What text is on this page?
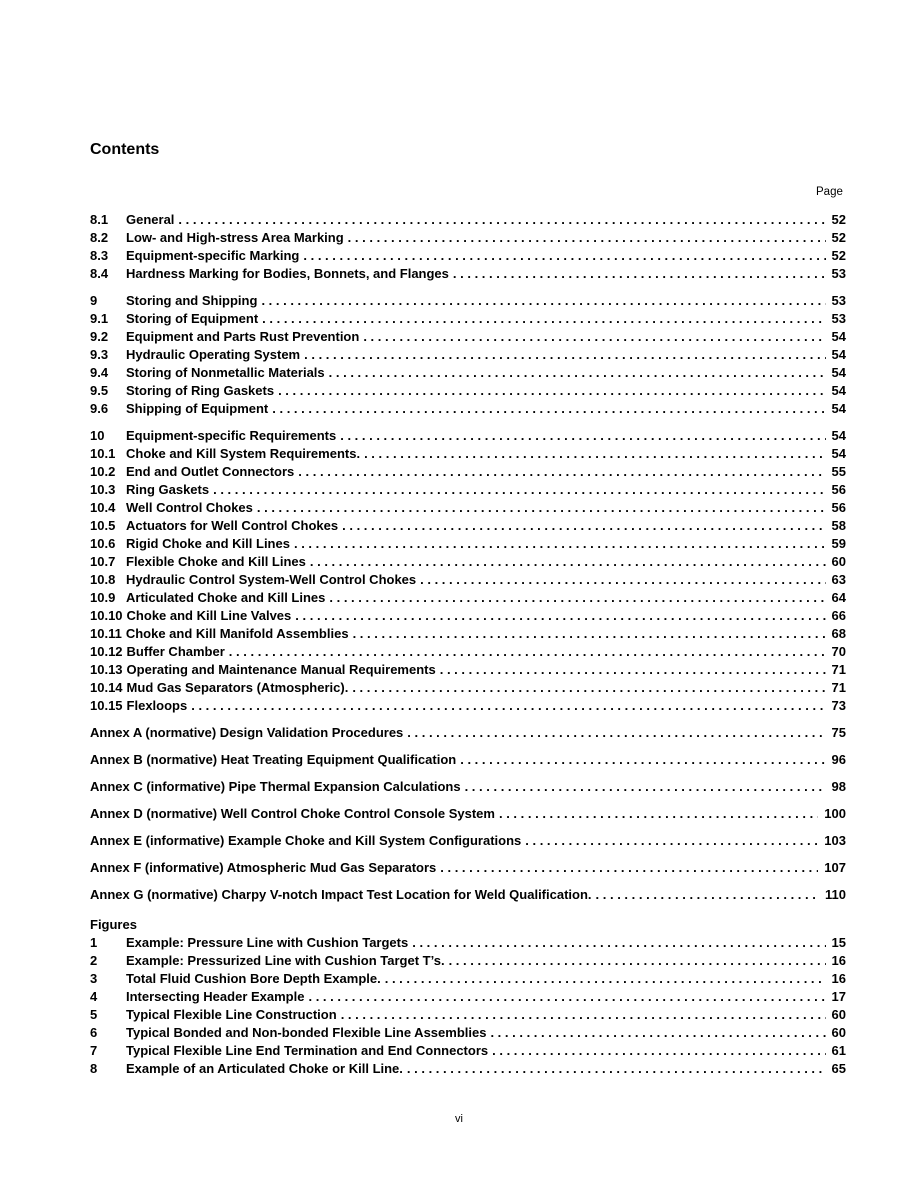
Contents
Page
8.1	General . . .	52
8.2	Low- and High-stress Area Marking . . .	52
8.3	Equipment-specific Marking . . .	52
8.4	Hardness Marking for Bodies, Bonnets, and Flanges . . .	53
9	Storing and Shipping . . .	53
9.1	Storing of Equipment . . .	53
9.2	Equipment and Parts Rust Prevention . . .	54
9.3	Hydraulic Operating System . . .	54
9.4	Storing of Nonmetallic Materials . . .	54
9.5	Storing of Ring Gaskets . . .	54
9.6	Shipping of Equipment . . .	54
10	Equipment-specific Requirements . . .	54
10.1 Choke and Kill System Requirements. . . .	54
10.2 End and Outlet Connectors . . .	55
10.3 Ring Gaskets . . .	56
10.4 Well Control Chokes . . .	56
10.5 Actuators for Well Control Chokes . . .	58
10.6 Rigid Choke and Kill Lines . . .	59
10.7 Flexible Choke and Kill Lines . . .	60
10.8 Hydraulic Control System-Well Control Chokes . . .	63
10.9 Articulated Choke and Kill Lines . . .	64
10.10 Choke and Kill Line Valves . . .	66
10.11 Choke and Kill Manifold Assemblies . . .	68
10.12 Buffer Chamber . . .	70
10.13 Operating and Maintenance Manual Requirements . . .	71
10.14 Mud Gas Separators (Atmospheric). . . .	71
10.15 Flexloops . . .	73
Annex A (normative) Design Validation Procedures . . .	75
Annex B (normative) Heat Treating Equipment Qualification . . .	96
Annex C (informative) Pipe Thermal Expansion Calculations . . .	98
Annex D (normative) Well Control Choke Control Console System . . .	100
Annex E (informative) Example Choke and Kill System Configurations . . .	103
Annex F (informative) Atmospheric Mud Gas Separators . . .	107
Annex G (normative) Charpy V-notch Impact Test Location for Weld Qualification. . . .	110
Figures
1	Example: Pressure Line with Cushion Targets . . .	15
2	Example: Pressurized Line with Cushion Target T’s. . . .	16
3	Total Fluid Cushion Bore Depth Example. . . .	16
4	Intersecting Header Example . . .	17
5	Typical Flexible Line Construction . . .	60
6	Typical Bonded and Non-bonded Flexible Line Assemblies . . .	60
7	Typical Flexible Line End Termination and End Connectors . . .	61
8	Example of an Articulated Choke or Kill Line. . . .	65
vi
